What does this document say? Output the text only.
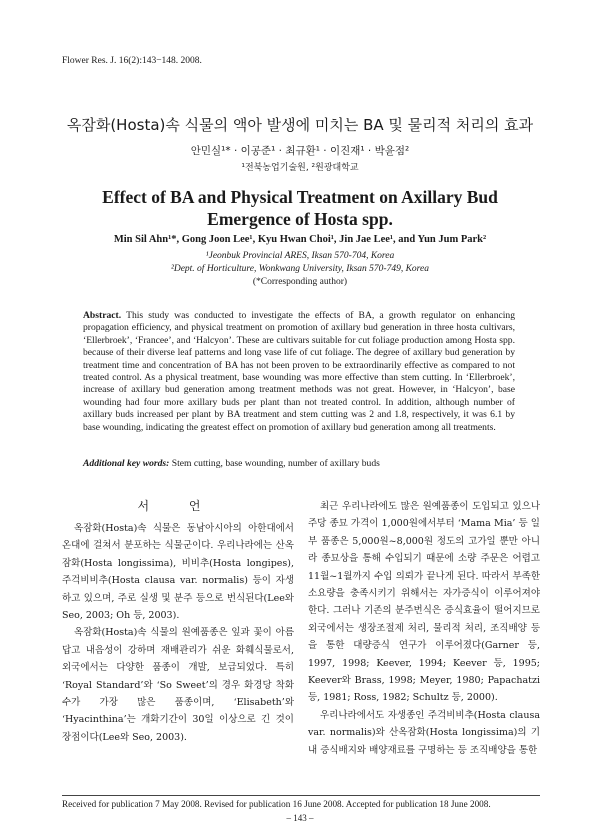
Flower Res. J. 16(2):143−148. 2008.
옥잠화(Hosta)속 식물의 액아 발생에 미치는 BA 및 물리적 처리의 효과
안민실¹* · 이공준¹ · 최규환¹ · 이진재¹ · 박윤점²
¹전북농업기술원, ²원광대학교
Effect of BA and Physical Treatment on Axillary Bud
Emergence of Hosta spp.
Min Sil Ahn¹*, Gong Joon Lee¹, Kyu Hwan Choi¹, Jin Jae Lee¹, and Yun Jum Park²
¹Jeonbuk Provincial ARES, Iksan 570-704, Korea
²Dept. of Horticulture, Wonkwang University, Iksan 570-749, Korea
(*Corresponding author)
Abstract. This study was conducted to investigate the effects of BA, a growth regulator on enhancing propagation efficiency, and physical treatment on promotion of axillary bud generation in three hosta cultivars, ‘Ellerbroek’, ‘Francee’, and ‘Halcyon’. These are cultivars suitable for cut foliage production among Hosta spp. because of their diverse leaf patterns and long vase life of cut foliage. The degree of axillary bud generation by treatment time and concentration of BA has not been proven to be extraordinarily effective as compared to not treated control. As a physical treatment, base wounding was more effective than stem cutting. In ‘Ellerbroek’, increase of axillary bud generation among treatment methods was not great. However, in ‘Halcyon’, base wounding had four more axillary buds per plant than not treated control. In addition, although number of axillary buds increased per plant by BA treatment and stem cutting was 2 and 1.8, respectively, it was 6.1 by base wounding, indicating the greatest effect on promotion of axillary bud generation among all treatments.
Additional key words: Stem cutting, base wounding, number of axillary buds
서 언

옥잠화(Hosta)속 식물은 동남아시아의 아한대에서 온대에 걸쳐서 분포하는 식물군이다. 우리나라에는 산옥잠화(Hosta longissima), 비비추(Hosta longipes), 주걱비비추(Hosta clausa var. normalis) 등이 자생하고 있으며, 주로 실생 및 분주 등으로 번식된다(Lee와 Seo, 2003; Oh 등, 2003).

옥잠화(Hosta)속 식물의 원예품종은 잎과 꽃이 아름답고 내음성이 강하며 재배관리가 쉬운 화훼식물로서, 외국에서는 다양한 품종이 개발, 보급되었다. 특히 ‘Royal Standard’와 ‘So Sweet’의 경우 화경당 착화수가 가장 많은 품종이며, ‘Elisabeth’와 ‘Hyacinthina’는 개화기간이 30일 이상으로 긴 것이 장점이다(Lee와 Seo, 2003).

최근 우리나라에도 많은 원예품종이 도입되고 있으나 주당 종묘 가격이 1,000원에서부터 ‘Mama Mia’ 등 일부 품종은 5,000원~8,000원 정도의 고가일 뿐만 아니라 종묘상을 통해 수입되기 때문에 소량 주문은 어렵고 11월~1월까지 수입 의뢰가 끝나게 된다. 따라서 부족한 소요량을 충족시키기 위해서는 자가증식이 이루어져야 한다. 그러나 기존의 분주번식은 증식효율이 떨어지므로 외국에서는 생장조절제 처리, 물리적 처리, 조직배양 등을 통한 대량증식 연구가 이루어졌다(Garner 등, 1997, 1998; Keever, 1994; Keever 등, 1995; Keever와 Brass, 1998; Meyer, 1980; Papachatzi 등, 1981; Ross, 1982; Schultz 등, 2000).

우리나라에서도 자생종인 주걱비비추(Hosta clausa var. normalis)와 산옥잠화(Hosta longissima)의 기내 증식배지와 배양재료를 구명하는 등 조직배양을 통한

Received for publication 7 May 2008. Revised for publication 16 June 2008. Accepted for publication 18 June 2008.
– 143 –
